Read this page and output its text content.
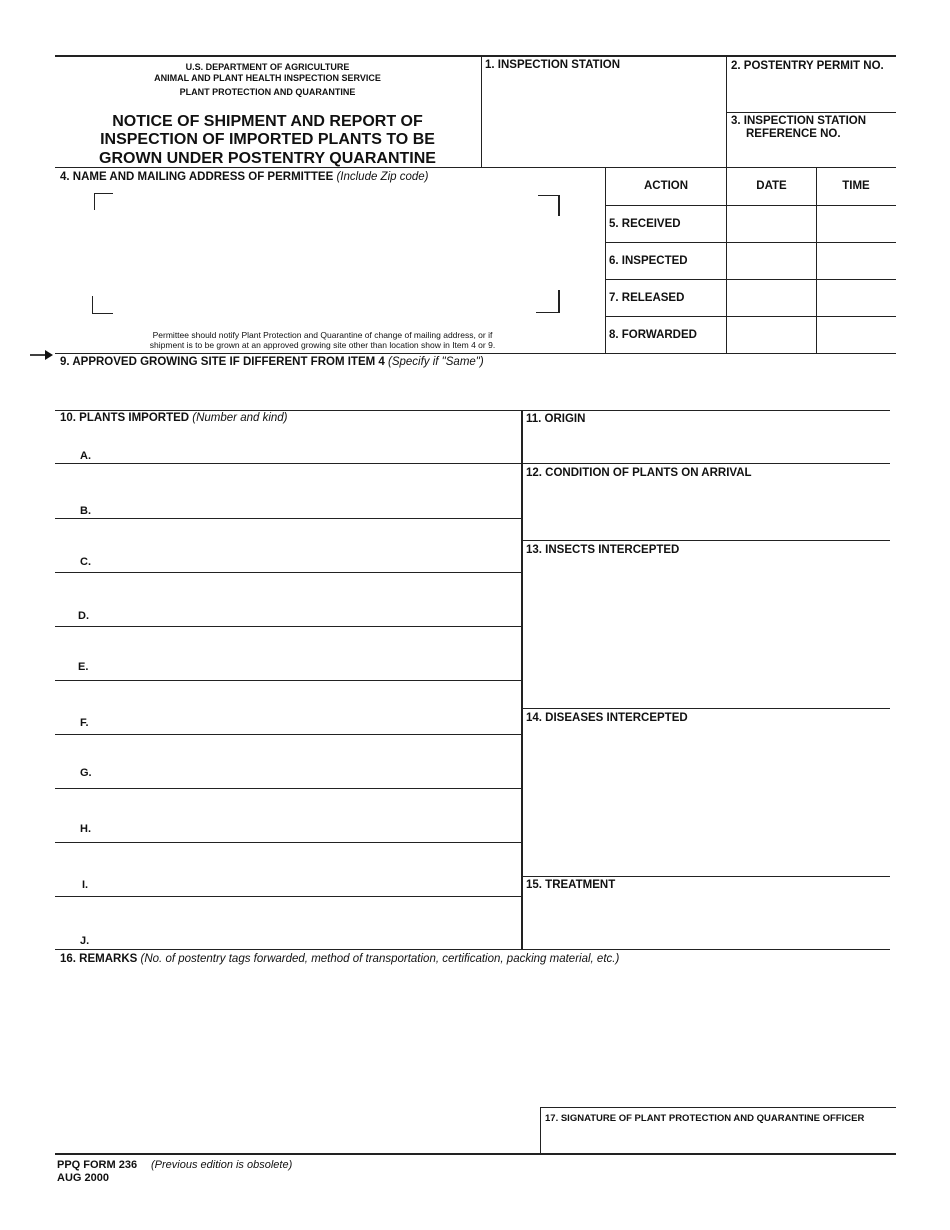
U.S. DEPARTMENT OF AGRICULTURE
ANIMAL AND PLANT HEALTH INSPECTION SERVICE
PLANT PROTECTION AND QUARANTINE
NOTICE OF SHIPMENT AND REPORT OF
INSPECTION OF IMPORTED PLANTS TO BE
GROWN UNDER POSTENTRY QUARANTINE
1. INSPECTION STATION	2. POSTENTRY PERMIT NO.
3. INSPECTION STATION
REFERENCE NO.
4. NAME AND MAILING ADDRESS OF PERMITTEE (Include Zip code)
Permittee should notify Plant Protection and Quarantine of change of mailing address, or if
shipment is to be grown at an approved growing site other than location show in Item 4 or 9.
ACTION	DATE	TIME
5. RECEIVED
6. INSPECTED
7. RELEASED
8. FORWARDED
9. APPROVED GROWING SITE IF DIFFERENT FROM ITEM 4 (Specify if "Same")
10. PLANTS IMPORTED (Number and kind)
A.
B.
C.
D.
E.
F.
G.
H.
I.
J.
11. ORIGIN
12. CONDITION OF PLANTS ON ARRIVAL
13. INSECTS INTERCEPTED
14. DISEASES INTERCEPTED
15. TREATMENT
16. REMARKS (No. of postentry tags forwarded, method of transportation, certification, packing material, etc.)
17. SIGNATURE OF PLANT PROTECTION AND QUARANTINE OFFICER
PPQ FORM 236 (Previous edition is obsolete)
AUG 2000
